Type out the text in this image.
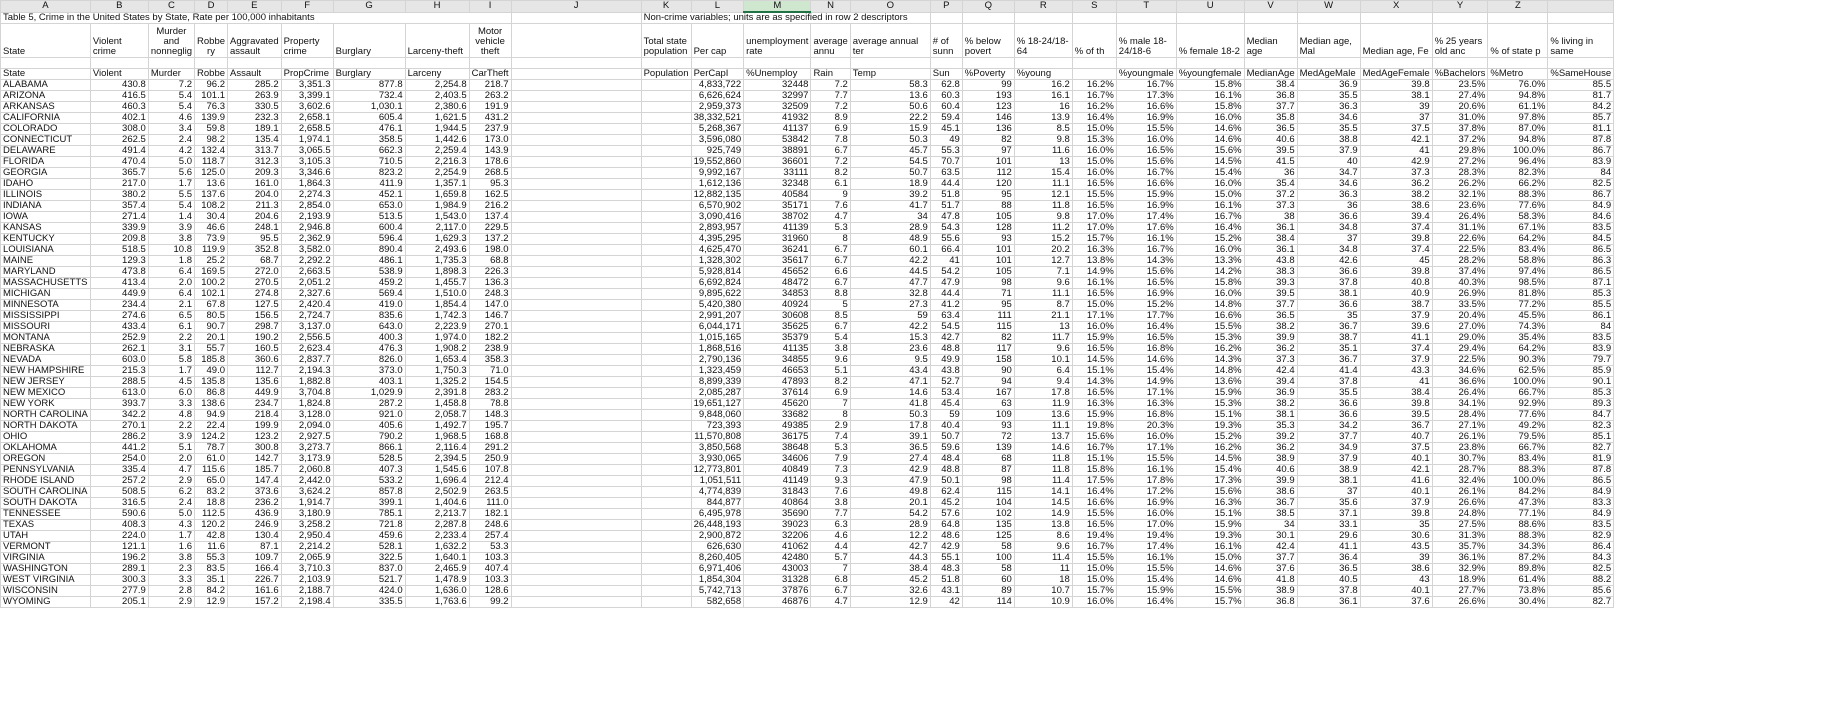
A	B	C	D	E	F	G	H	I	J	K	L	M	N	O	P	Q	R	S	T	U	V	W	X	Y	Z	
Table 5, Crime in the United States by State, Rate per 100,000 inhabitants										Non-crime variables; units are as specified in row 2 descriptors																
State	Violent crime	Murder and nonneglig	Robbe ry	Aggravated assault	Property crime	Burglary	Larceny-theft	Motor vehicle theft		Total state population	Per cap	unemployment rate	average annu	average annual ter	# of sunn	% below povert	% 18-24/18-64	% of th	% male 18-24/18-6	% female 18-2	Median age	Median age, Mal	Median age, Fe	% 25 years old anc	% of state p	% living in same

State	Violent	Murder	Robbe	Assault	PropCrime	Burglary	Larceny	CarTheft		Population	PerCapI	%Unemploy	Rain	Temp	Sun	%Poverty	%young		%youngmale	%youngfemale	MedianAge	MedAgeMale	MedAgeFemale	%Bachelors	%Metro	%SameHouse
ALABAMA	430.8	7.2	96.2	285.2	3,351.3	877.8	2,254.8	218.7			4,833,722	32448	7.2	58.3	62.8	99	16.2	16.2%	16.7%	15.8%	38.4	36.9	39.8	23.5%	76.0%	85.5
ARIZONA	416.5	5.4	101.1	263.9	3,399.1	732.4	2,403.5	263.2			6,626,624	32997	7.7	13.6	60.3	193	16.1	16.7%	17.3%	16.1%	36.8	35.5	38.1	27.4%	94.8%	81.7
ARKANSAS	460.3	5.4	76.3	330.5	3,602.6	1,030.1	2,380.6	191.9			2,959,373	32509	7.2	50.6	60.4	123	16	16.2%	16.6%	15.8%	37.7	36.3	39	20.6%	61.1%	84.2
CALIFORNIA	402.1	4.6	139.9	232.3	2,658.1	605.4	1,621.5	431.2			38,332,521	41932	8.9	22.2	59.4	146	13.9	16.4%	16.9%	16.0%	35.8	34.6	37	31.0%	97.8%	85.7
COLORADO	308.0	3.4	59.8	189.1	2,658.5	476.1	1,944.5	237.9			5,268,367	41137	6.9	15.9	45.1	136	8.5	15.0%	15.5%	14.6%	36.5	35.5	37.5	37.8%	87.0%	81.1
CONNECTICUT	262.5	2.4	98.2	135.4	1,974.1	358.5	1,442.6	173.0			3,596,080	53842	7.8	50.3	49	82	9.8	15.3%	16.0%	14.6%	40.6	38.8	42.1	37.2%	94.8%	87.8
DELAWARE	491.4	4.2	132.4	313.7	3,065.5	662.3	2,259.4	143.9			925,749	38891	6.7	45.7	55.3	97	11.6	16.0%	16.5%	15.6%	39.5	37.9	41	29.8%	100.0%	86.7
FLORIDA	470.4	5.0	118.7	312.3	3,105.3	710.5	2,216.3	178.6			19,552,860	36601	7.2	54.5	70.7	101	13	15.0%	15.6%	14.5%	41.5	40	42.9	27.2%	96.4%	83.9
GEORGIA	365.7	5.6	125.0	209.3	3,346.6	823.2	2,254.9	268.5			9,992,167	33111	8.2	50.7	63.5	112	15.4	16.0%	16.7%	15.4%	36	34.7	37.3	28.3%	82.3%	84
IDAHO	217.0	1.7	13.6	161.0	1,864.3	411.9	1,357.1	95.3			1,612,136	32348	6.1	18.9	44.4	120	11.1	16.5%	16.6%	16.0%	35.4	34.6	36.2	26.2%	66.2%	82.5
ILLINOIS	380.2	5.5	137.6	204.0	2,274.3	452.1	1,659.8	162.5			12,882,135	40584	9	39.2	51.8	95	12.1	15.5%	15.9%	15.0%	37.2	36.3	38.2	32.1%	88.3%	86.7
INDIANA	357.4	5.4	108.2	211.3	2,854.0	653.0	1,984.9	216.2			6,570,902	35171	7.6	41.7	51.7	88	11.8	16.5%	16.9%	16.1%	37.3	36	38.6	23.6%	77.6%	84.9
IOWA	271.4	1.4	30.4	204.6	2,193.9	513.5	1,543.0	137.4			3,090,416	38702	4.7	34	47.8	105	9.8	17.0%	17.4%	16.7%	38	36.6	39.4	26.4%	58.3%	84.6
KANSAS	339.9	3.9	46.6	248.1	2,946.8	600.4	2,117.0	229.5			2,893,957	41139	5.3	28.9	54.3	128	11.2	17.0%	17.6%	16.4%	36.1	34.8	37.4	31.1%	67.1%	83.5
KENTUCKY	209.8	3.8	73.9	95.5	2,362.9	596.4	1,629.3	137.2			4,395,295	31960	8	48.9	55.6	93	15.2	15.7%	16.1%	15.2%	38.4	37	39.8	22.6%	64.2%	84.5
LOUISIANA	518.5	10.8	119.9	352.8	3,582.0	890.4	2,493.6	198.0			4,625,470	36241	6.7	60.1	66.4	101	20.2	16.3%	16.7%	16.0%	36.1	34.8	37.4	22.5%	83.4%	86.5
MAINE	129.3	1.8	25.2	68.7	2,292.2	486.1	1,735.3	68.8			1,328,302	35617	6.7	42.2	41	101	12.7	13.8%	14.3%	13.3%	43.8	42.6	45	28.2%	58.8%	86.3
MARYLAND	473.8	6.4	169.5	272.0	2,663.5	538.9	1,898.3	226.3			5,928,814	45652	6.6	44.5	54.2	105	7.1	14.9%	15.6%	14.2%	38.3	36.6	39.8	37.4%	97.4%	86.5
MASSACHUSETTS	413.4	2.0	100.2	270.5	2,051.2	459.2	1,455.7	136.3			6,692,824	48472	6.7	47.7	47.9	98	9.6	16.1%	16.5%	15.8%	39.3	37.8	40.8	40.3%	98.5%	87.1
MICHIGAN	449.9	6.4	102.1	274.8	2,327.6	569.4	1,510.0	248.3			9,895,622	34853	8.8	32.8	44.4	71	11.1	16.5%	16.9%	16.0%	39.5	38.1	40.9	26.9%	81.8%	85.3
MINNESOTA	234.4	2.1	67.8	127.5	2,420.4	419.0	1,854.4	147.0			5,420,380	40924	5	27.3	41.2	95	8.7	15.0%	15.2%	14.8%	37.7	36.6	38.7	33.5%	77.2%	85.5
MISSISSIPPI	274.6	6.5	80.5	156.5	2,724.7	835.6	1,742.3	146.7			2,991,207	30608	8.5	59	63.4	111	21.1	17.1%	17.7%	16.6%	36.5	35	37.9	20.4%	45.5%	86.1
MISSOURI	433.4	6.1	90.7	298.7	3,137.0	643.0	2,223.9	270.1			6,044,171	35625	6.7	42.2	54.5	115	13	16.0%	16.4%	15.5%	38.2	36.7	39.6	27.0%	74.3%	84
MONTANA	252.9	2.2	20.1	190.2	2,556.5	400.3	1,974.0	182.2			1,015,165	35379	5.4	15.3	42.7	82	11.7	15.9%	16.5%	15.3%	39.9	38.7	41.1	29.0%	35.4%	83.5
NEBRASKA	262.1	3.1	55.7	160.5	2,623.4	476.3	1,908.2	238.9			1,868,516	41135	3.8	23.6	48.8	117	9.6	16.5%	16.8%	16.2%	36.2	35.1	37.4	29.4%	64.2%	83.9
NEVADA	603.0	5.8	185.8	360.6	2,837.7	826.0	1,653.4	358.3			2,790,136	34855	9.6	9.5	49.9	158	10.1	14.5%	14.6%	14.3%	37.3	36.7	37.9	22.5%	90.3%	79.7
NEW HAMPSHIRE	215.3	1.7	49.0	112.7	2,194.3	373.0	1,750.3	71.0			1,323,459	46653	5.1	43.4	43.8	90	6.4	15.1%	15.4%	14.8%	42.4	41.4	43.3	34.6%	62.5%	85.9
NEW JERSEY	288.5	4.5	135.8	135.6	1,882.8	403.1	1,325.2	154.5			8,899,339	47893	8.2	47.1	52.7	94	9.4	14.3%	14.9%	13.6%	39.4	37.8	41	36.6%	100.0%	90.1
NEW MEXICO	613.0	6.0	86.8	449.9	3,704.8	1,029.9	2,391.8	283.2			2,085,287	37614	6.9	14.6	53.4	167	17.8	16.5%	17.1%	15.9%	36.9	35.5	38.4	26.4%	66.7%	85.3
NEW YORK	393.7	3.3	138.6	234.7	1,824.8	287.2	1,458.8	78.8			19,651,127	45620	7	41.8	45.4	63	11.9	16.3%	16.3%	15.3%	38.2	36.6	39.8	34.1%	92.9%	89.3
NORTH CAROLINA	342.2	4.8	94.9	218.4	3,128.0	921.0	2,058.7	148.3			9,848,060	33682	8	50.3	59	109	13.6	15.9%	16.8%	15.1%	38.1	36.6	39.5	28.4%	77.6%	84.7
NORTH DAKOTA	270.1	2.2	22.4	199.9	2,094.0	405.6	1,492.7	195.7			723,393	49385	2.9	17.8	40.4	93	11.1	19.8%	20.3%	19.3%	35.3	34.2	36.7	27.1%	49.2%	82.3
OHIO	286.2	3.9	124.2	123.2	2,927.5	790.2	1,968.5	168.8			11,570,808	36175	7.4	39.1	50.7	72	13.7	15.6%	16.0%	15.2%	39.2	37.7	40.7	26.1%	79.5%	85.1
OKLAHOMA	441.2	5.1	78.7	300.8	3,273.7	866.1	2,116.4	291.2			3,850,568	38648	5.3	36.5	59.6	139	14.6	16.7%	17.1%	16.2%	36.2	34.9	37.5	23.8%	66.7%	82.7
OREGON	254.0	2.0	61.0	142.7	3,173.9	528.5	2,394.5	250.9			3,930,065	34606	7.9	27.4	48.4	68	11.8	15.1%	15.5%	14.5%	38.9	37.9	40.1	30.7%	83.4%	81.9
PENNSYLVANIA	335.4	4.7	115.6	185.7	2,060.8	407.3	1,545.6	107.8			12,773,801	40849	7.3	42.9	48.8	87	11.8	15.8%	16.1%	15.4%	40.6	38.9	42.1	28.7%	88.3%	87.8
RHODE ISLAND	257.2	2.9	65.0	147.4	2,442.0	533.2	1,696.4	212.4			1,051,511	41149	9.3	47.9	50.1	98	11.4	17.5%	17.8%	17.3%	39.9	38.1	41.6	32.4%	100.0%	86.5
SOUTH CAROLINA	508.5	6.2	83.2	373.6	3,624.2	857.8	2,502.9	263.5			4,774,839	31843	7.6	49.8	62.4	115	14.1	16.4%	17.2%	15.6%	38.6	37	40.1	26.1%	84.2%	84.9
SOUTH DAKOTA	316.5	2.4	18.8	236.2	1,914.7	399.1	1,404.6	111.0			844,877	40864	3.8	20.1	45.2	104	14.5	16.6%	16.9%	16.3%	36.7	35.6	37.9	26.6%	47.3%	83.3
TENNESSEE	590.6	5.0	112.5	436.9	3,180.9	785.1	2,213.7	182.1			6,495,978	35690	7.7	54.2	57.6	102	14.9	15.5%	16.0%	15.1%	38.5	37.1	39.8	24.8%	77.1%	84.9
TEXAS	408.3	4.3	120.2	246.9	3,258.2	721.8	2,287.8	248.6			26,448,193	39023	6.3	28.9	64.8	135	13.8	16.5%	17.0%	15.9%	34	33.1	35	27.5%	88.6%	83.5
UTAH	224.0	1.7	42.8	130.4	2,950.4	459.6	2,233.4	257.4			2,900,872	32206	4.6	12.2	48.6	125	8.6	19.4%	19.4%	19.3%	30.1	29.6	30.6	31.3%	88.3%	82.9
VERMONT	121.1	1.6	11.6	87.1	2,214.2	528.1	1,632.2	53.3			626,630	41062	4.4	42.7	42.9	58	9.6	16.7%	17.4%	16.1%	42.4	41.1	43.5	35.7%	34.3%	86.4
VIRGINIA	196.2	3.8	55.3	109.7	2,065.9	322.5	1,640.1	103.3			8,260,405	42480	5.7	44.3	55.1	100	11.4	15.5%	16.1%	15.0%	37.7	36.4	39	36.1%	87.2%	84.3
WASHINGTON	289.1	2.3	83.5	166.4	3,710.3	837.0	2,465.9	407.4			6,971,406	43003	7	38.4	48.3	58	11	15.0%	15.5%	14.6%	37.6	36.5	38.6	32.9%	89.8%	82.5
WEST VIRGINIA	300.3	3.3	35.1	226.7	2,103.9	521.7	1,478.9	103.3			1,854,304	31328	6.8	45.2	51.8	60	18	15.0%	15.4%	14.6%	41.8	40.5	43	18.9%	61.4%	88.2
WISCONSIN	277.9	2.8	84.2	161.6	2,188.7	424.0	1,636.0	128.6			5,742,713	37876	6.7	32.6	43.1	89	10.7	15.7%	15.9%	15.5%	38.9	37.8	40.1	27.7%	73.8%	85.6
WYOMING	205.1	2.9	12.9	157.2	2,198.4	335.5	1,763.6	99.2			582,658	46876	4.7	12.9	42	114	10.9	16.0%	16.4%	15.7%	36.8	36.1	37.6	26.6%	30.4%	82.7
